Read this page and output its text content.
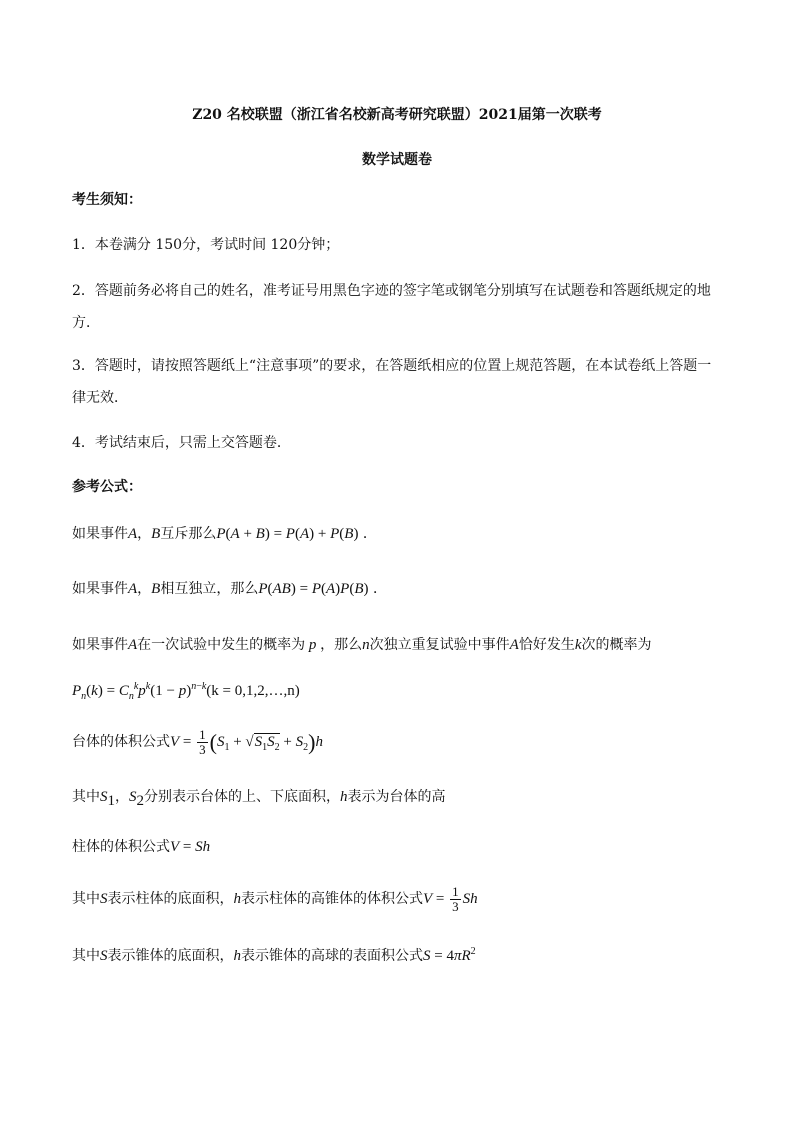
Z20 名校联盟（浙江省名校新高考研究联盟）2021届第一次联考
数学试题卷
考生须知：
1．本卷满分 150分，考试时间 120分钟；
2．答题前务必将自己的姓名，准考证号用黑色字迹的签字笔或钢笔分别填写在试题卷和答题纸规定的地
方．
3．答题时，请按照答题纸上“注意事项”的要求，在答题纸相应的位置上规范答题，在本试卷纸上答题一
律无效．
4．考试结束后，只需上交答题卷．
参考公式：
如果事件A，B互斥那么P(A + B) = P(A) + P(B) ．
如果事件A，B相互独立，那么P(AB) = P(A)P(B) ．
如果事件A在一次试验中发生的概率为 p ，那么n次独立重复试验中事件A恰好发生k次的概率为
$P_n(k) = C_n^kp^k(1 - p)^{n-k}(k$ = 0,1,2,…,n)
台体的体积公式$V = \frac{1}{3} (S_1 + √S_1S_2 + S_2)h$
其中$S_1$，$S_2$分别表示台体的上、下底面积，h表示为台体的高
柱体的体积公式V = Sh
其中S表示柱体的底面积，h表示柱体的高锥体的体积公式$V = \frac{1}{3}$ Sh
其中S表示锥体的底面积，h表示锥体的高球的表面积公式$S = 4\pi R^2$
